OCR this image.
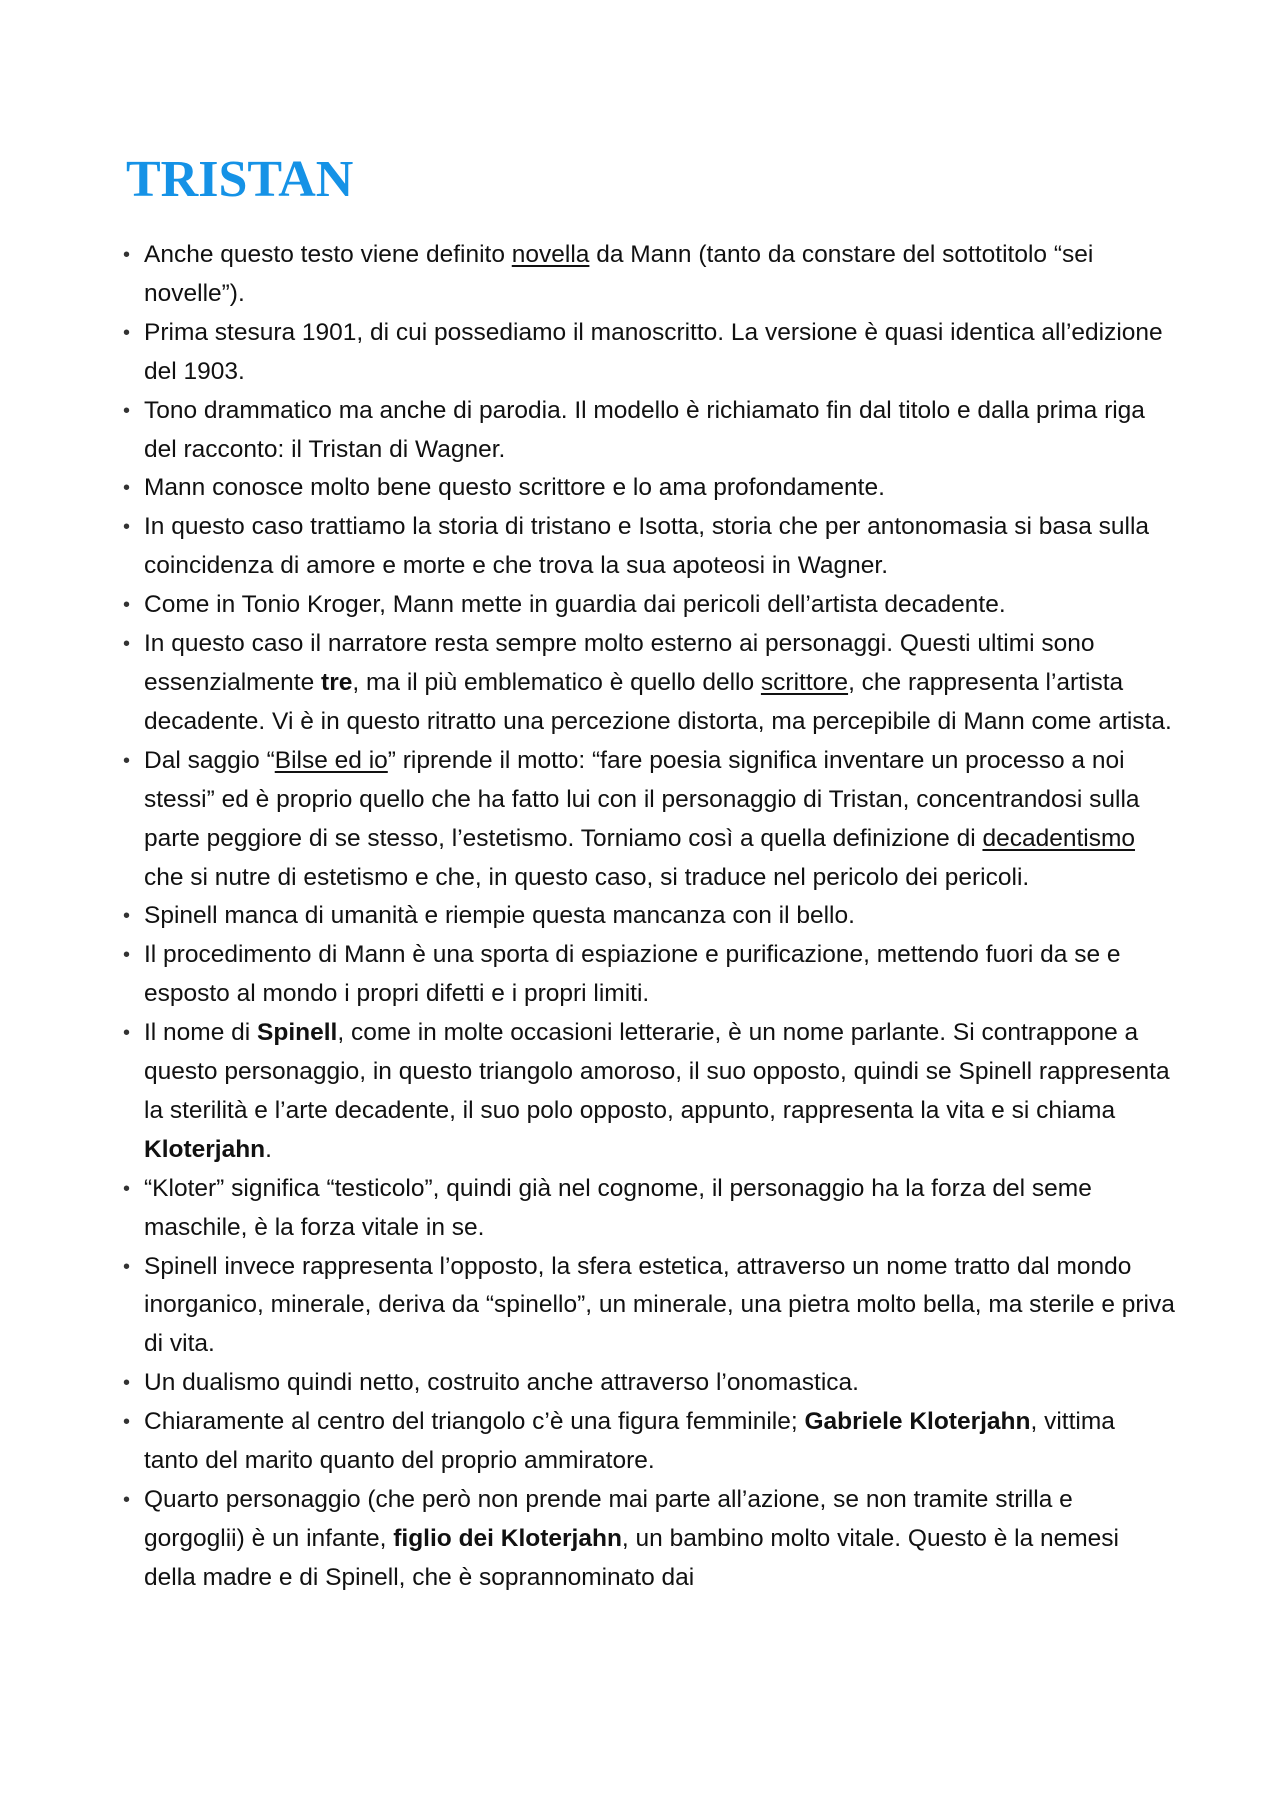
TRISTAN
• Anche questo testo viene definito novella da Mann (tanto da constare del sottotitolo “sei novelle”).
• Prima stesura 1901, di cui possediamo il manoscritto. La versione è quasi identica all’edizione del 1903.
• Tono drammatico ma anche di parodia. Il modello è richiamato fin dal titolo e dalla prima riga del racconto: il Tristan di Wagner.
• Mann conosce molto bene questo scrittore e lo ama profondamente.
• In questo caso trattiamo la storia di tristano e Isotta, storia che per antonomasia si basa sulla coincidenza di amore e morte e che trova la sua apoteosi in Wagner.
• Come in Tonio Kroger, Mann mette in guardia dai pericoli dell’artista decadente.
• In questo caso il narratore resta sempre molto esterno ai personaggi. Questi ultimi sono essenzialmente tre, ma il più emblematico è quello dello scrittore, che rappresenta l’artista decadente. Vi è in questo ritratto una percezione distorta, ma percepibile di Mann come artista.
• Dal saggio “Bilse ed io” riprende il motto: “fare poesia significa inventare un processo a noi stessi” ed è proprio quello che ha fatto lui con il personaggio di Tristan, concentrandosi sulla parte peggiore di se stesso, l’estetismo. Torniamo così a quella definizione di decadentismo che si nutre di estetismo e che, in questo caso, si traduce nel pericolo dei pericoli.
• Spinell manca di umanità e riempie questa mancanza con il bello.
• Il procedimento di Mann è una sporta di espiazione e purificazione, mettendo fuori da se e esposto al mondo i propri difetti e i propri limiti.
• Il nome di Spinell, come in molte occasioni letterarie, è un nome parlante. Si contrappone a questo personaggio, in questo triangolo amoroso, il suo opposto, quindi se Spinell rappresenta la sterilità e l’arte decadente, il suo polo opposto, appunto, rappresenta la vita e si chiama Kloterjahn.
• “Kloter” significa “testicolo”, quindi già nel cognome, il personaggio ha la forza del seme maschile, è la forza vitale in se.
• Spinell invece rappresenta l’opposto, la sfera estetica, attraverso un nome tratto dal mondo inorganico, minerale, deriva da “spinello”, un minerale, una pietra molto bella, ma sterile e priva di vita.
• Un dualismo quindi netto, costruito anche attraverso l’onomastica.
• Chiaramente al centro del triangolo c’è una figura femminile; Gabriele Kloterjahn, vittima tanto del marito quanto del proprio ammiratore.
• Quarto personaggio (che però non prende mai parte all’azione, se non tramite strilla e gorgoglii) è un infante, figlio dei Kloterjahn, un bambino molto vitale. Questo è la nemesi della madre e di Spinell, che è soprannominato dai
